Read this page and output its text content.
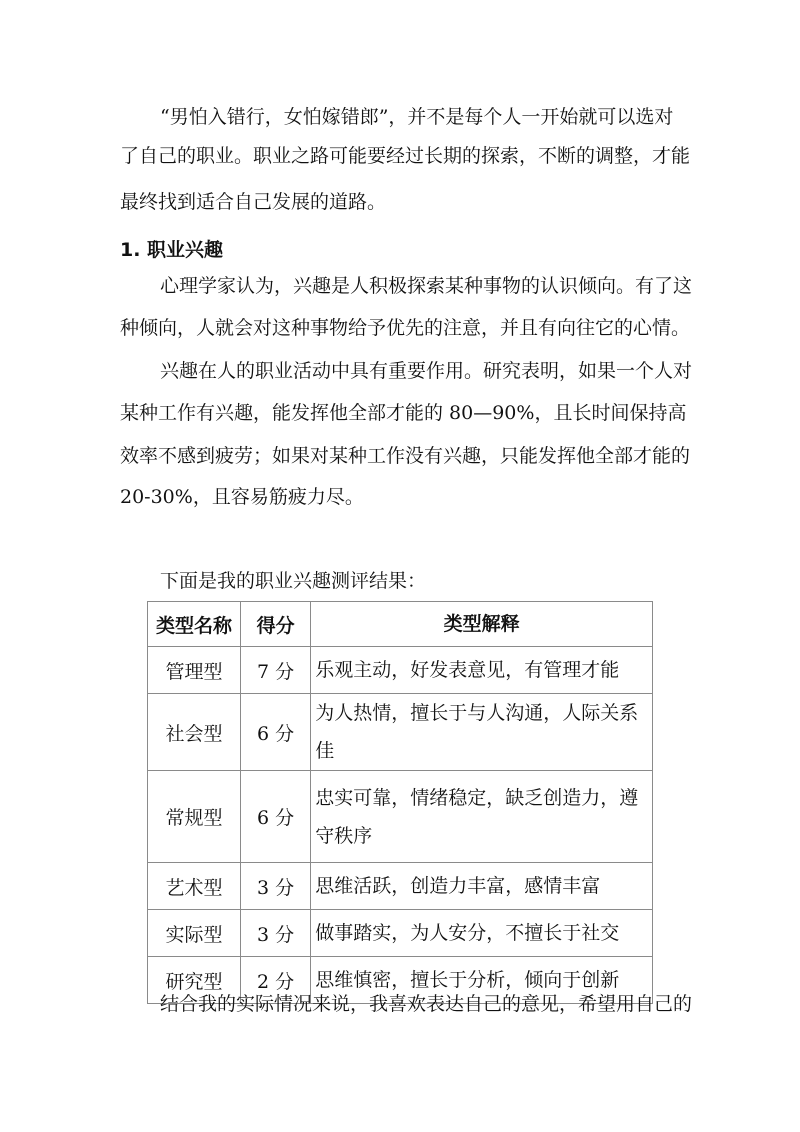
“男怕入错行，女怕嫁错郎”，并不是每个人一开始就可以选对
了自己的职业。职业之路可能要经过长期的探索，不断的调整，才能
最终找到适合自己发展的道路。
1. 职业兴趣
心理学家认为，兴趣是人积极探索某种事物的认识倾向。有了这
种倾向，人就会对这种事物给予优先的注意，并且有向往它的心情。
兴趣在人的职业活动中具有重要作用。研究表明，如果一个人对
某种工作有兴趣，能发挥他全部才能的 80—90%，且长时间保持高
效率不感到疲劳；如果对某种工作没有兴趣，只能发挥他全部才能的
20-30%，且容易筋疲力尽。
下面是我的职业兴趣测评结果：
类型名称	得分	类型解释
管理型	7 分	乐观主动，好发表意见，有管理才能
社会型	6 分	为人热情，擅长于与人沟通，人际关系佳
常规型	6 分	忠实可靠，情绪稳定，缺乏创造力，遵守秩序
艺术型	3 分	思维活跃，创造力丰富，感情丰富
实际型	3 分	做事踏实，为人安分，不擅长于社交
研究型	2 分	思维慎密，擅长于分析，倾向于创新
结合我的实际情况来说，我喜欢表达自己的意见，希望用自己的
